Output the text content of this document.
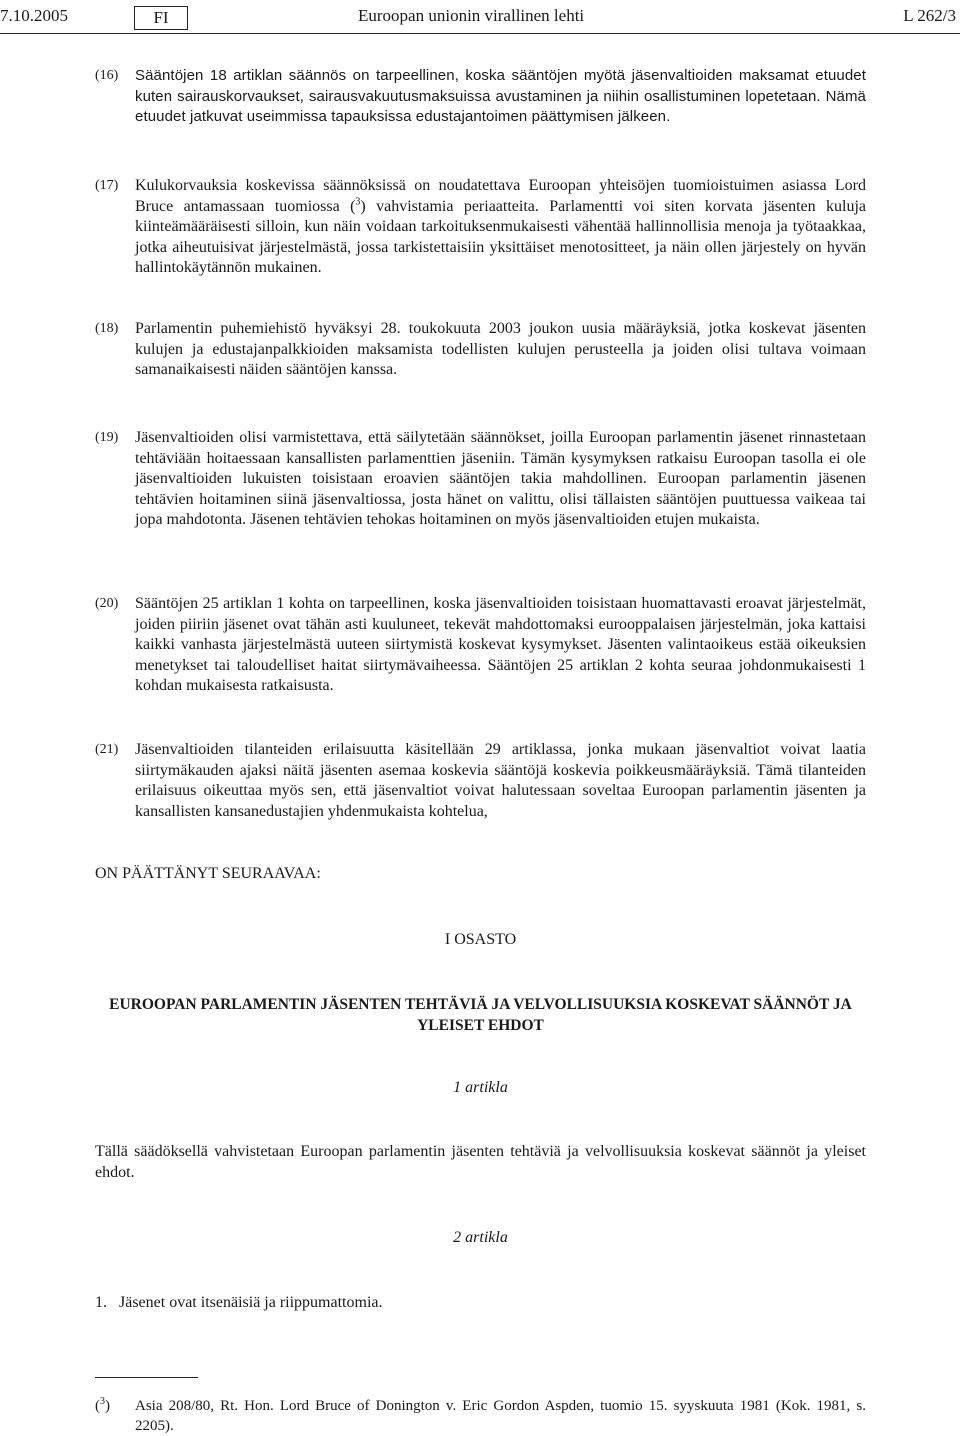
7.10.2005	FI	Euroopan unionin virallinen lehti	L 262/3
(16) Sääntöjen 18 artiklan säännös on tarpeellinen, koska sääntöjen myötä jäsenvaltioiden maksamat etuudet kuten sairauskorvaukset, sairausvakuutusmaksuissa avustaminen ja niihin osallistuminen lopetetaan. Nämä etuudet jatkuvat useimmissa tapauksissa edustajantoimen päättymisen jälkeen.
(17) Kulukorvauksia koskevissa säännöksissä on noudatettava Euroopan yhteisöjen tuomioistuimen asiassa Lord Bruce antamassaan tuomiossa ($^3$) vahvistamia periaatteita. Parlamentti voi siten korvata jäsenten kuluja kiinteämääräisesti silloin, kun näin voidaan tarkoituksenmukaisesti vähentää hallinnollisia menoja ja työtaakkaa, jotka aiheutuisivat järjestelmästä, jossa tarkistettaisiin yksittäiset menotositteet, ja näin ollen järjestely on hyvän hallintokäytännön mukainen.
(18) Parlamentin puhemiehistö hyväksyi 28. toukokuuta 2003 joukon uusia määräyksiä, jotka koskevat jäsenten kulujen ja edustajanpalkkioiden maksamista todellisten kulujen perusteella ja joiden olisi tultava voimaan samanaikaisesti näiden sääntöjen kanssa.
(19) Jäsenvaltioiden olisi varmistettava, että säilytetään säännökset, joilla Euroopan parlamentin jäsenet rinnastetaan tehtäviään hoitaessaan kansallisten parlamenttien jäseniin. Tämän kysymyksen ratkaisu Euroopan tasolla ei ole jäsenvaltioiden lukuisten toisistaan eroavien sääntöjen takia mahdollinen. Euroopan parlamentin jäsenen tehtävien hoitaminen siinä jäsenvaltiossa, josta hänet on valittu, olisi tällaisten sääntöjen puuttuessa vaikeaa tai jopa mahdotonta. Jäsenen tehtävien tehokas hoitaminen on myös jäsenvaltioiden etujen mukaista.
(20) Sääntöjen 25 artiklan 1 kohta on tarpeellinen, koska jäsenvaltioiden toisistaan huomattavasti eroavat järjestelmät, joiden piiriin jäsenet ovat tähän asti kuuluneet, tekevät mahdottomaksi eurooppalaisen järjestelmän, joka kattaisi kaikki vanhasta järjestelmästä uuteen siirtymistä koskevat kysymykset. Jäsenten valintaoikeus estää oikeuksien menetykset tai taloudelliset haitat siirtymävaiheessa. Sääntöjen 25 artiklan 2 kohta seuraa johdonmukaisesti 1 kohdan mukaisesta ratkaisusta.
(21) Jäsenvaltioiden tilanteiden erilaisuutta käsitellään 29 artiklassa, jonka mukaan jäsenvaltiot voivat laatia siirtymäkauden ajaksi näitä jäsenten asemaa koskevia sääntöjä koskevia poikkeusmääräyksiä. Tämä tilanteiden erilaisuus oikeuttaa myös sen, että jäsenvaltiot voivat halutessaan soveltaa Euroopan parlamentin jäsenten ja kansallisten kansanedustajien yhdenmukaista kohtelua,
ON PÄÄTTÄNYT SEURAAVAA:
I OSASTO
EUROOPAN PARLAMENTIN JÄSENTEN TEHTÄVIÄ JA VELVOLLISUUKSIA KOSKEVAT SÄÄNNÖT JA YLEISET EHDOT
1 artikla
Tällä säädöksellä vahvistetaan Euroopan parlamentin jäsenten tehtäviä ja velvollisuuksia koskevat säännöt ja yleiset ehdot.
2 artikla
1.   Jäsenet ovat itsenäisiä ja riippumattomia.
($^3$) Asia 208/80, Rt. Hon. Lord Bruce of Donington v. Eric Gordon Aspden, tuomio 15. syyskuuta 1981 (Kok. 1981, s. 2205).
